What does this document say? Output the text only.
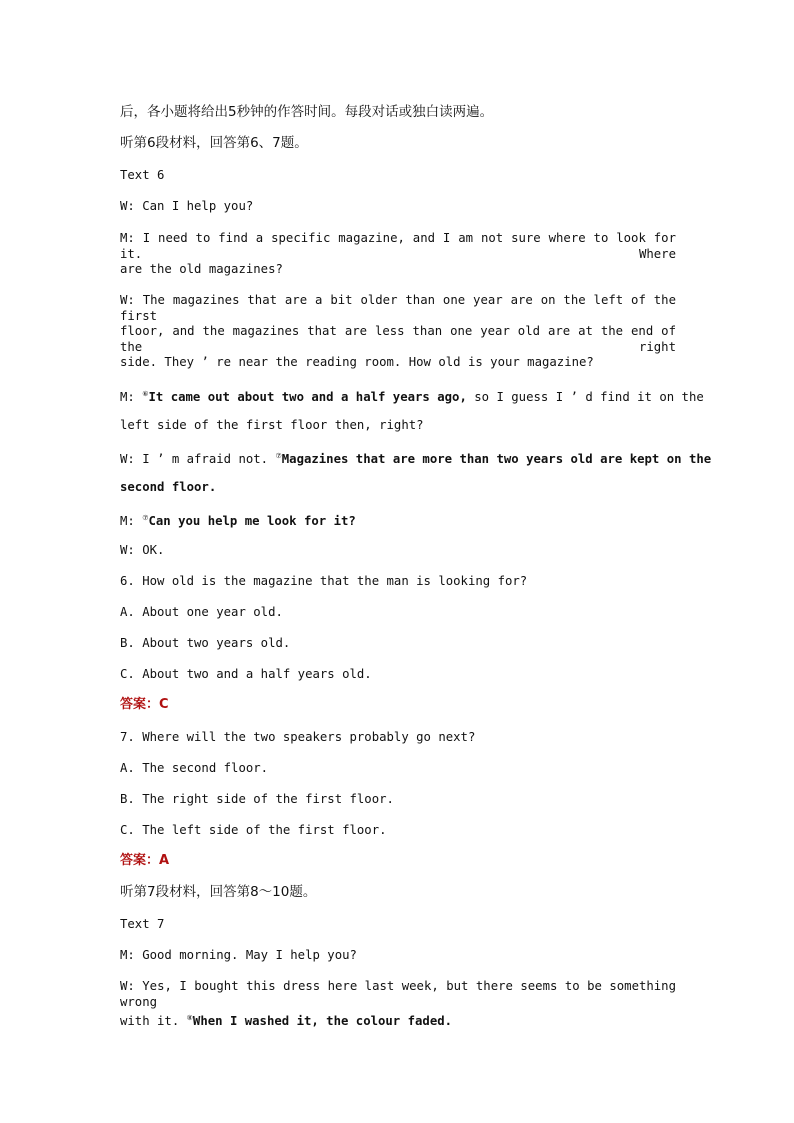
后，各小题将给出5秒钟的作答时间。每段对话或独白读两遍。
听第6段材料，回答第6、7题。
Text 6
W: Can I help you?
M: I need to find a specific magazine, and I am not sure where to look for it. Where
are the old magazines?
W: The magazines that are a bit older than one year are on the left of the first
floor, and the magazines that are less than one year old are at the end of the right
side. They ’ re near the reading room. How old is your magazine?
M: ⑥It came out about two and a half years ago, so I guess I ’ d find it on the
left side of the first floor then, right?
W: I ’ m afraid not. ⑦Magazines that are more than two years old are kept on the
second floor.
M: ⑦Can you help me look for it?
W: OK.
6. How old is the magazine that the man is looking for?
A. About one year old.
B. About two years old.
C. About two and a half years old.
答案：C
7. Where will the two speakers probably go next?
A. The second floor.
B. The right side of the first floor.
C. The left side of the first floor.
答案：A
听第7段材料，回答第8～10题。
Text 7
M: Good morning. May I help you?
W: Yes, I bought this dress here last week, but there seems to be something wrong
with it. ⑧When I washed it, the colour faded.
